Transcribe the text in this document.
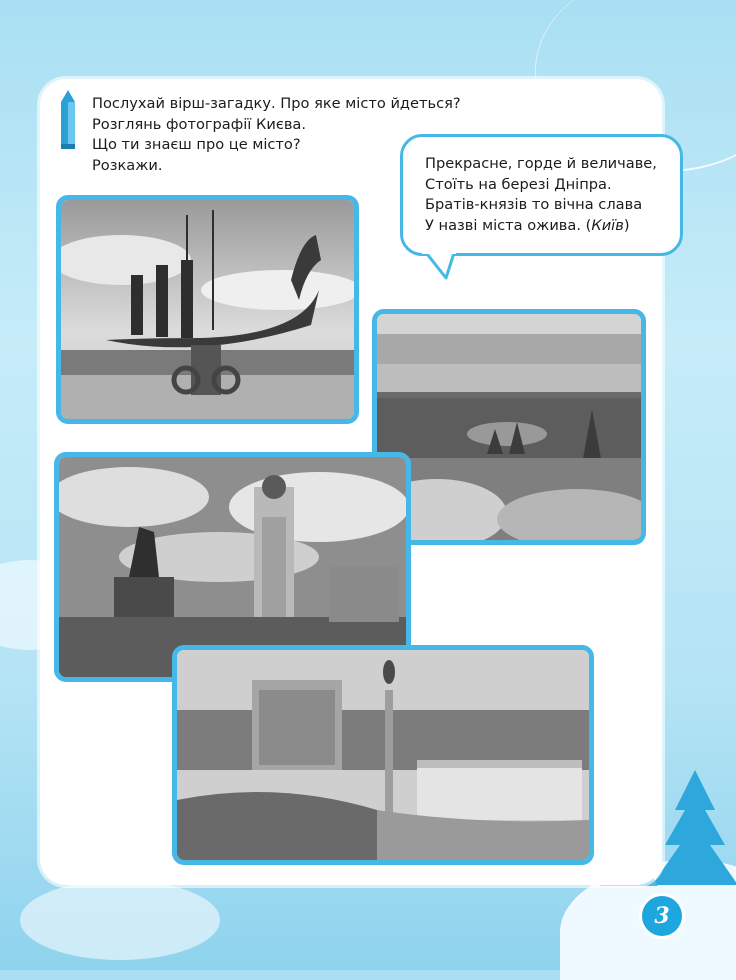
Послухай вірш-загадку. Про яке місто йдеться?
Розглянь фотографії Києва.
Що ти знаєш про це місто?
Розкажи.	Прекрасне, горде й величаве,
Стоїть на березі Дніпра.
Братів-князів то вічна слава
У назві міста ожива. (Київ)
3
